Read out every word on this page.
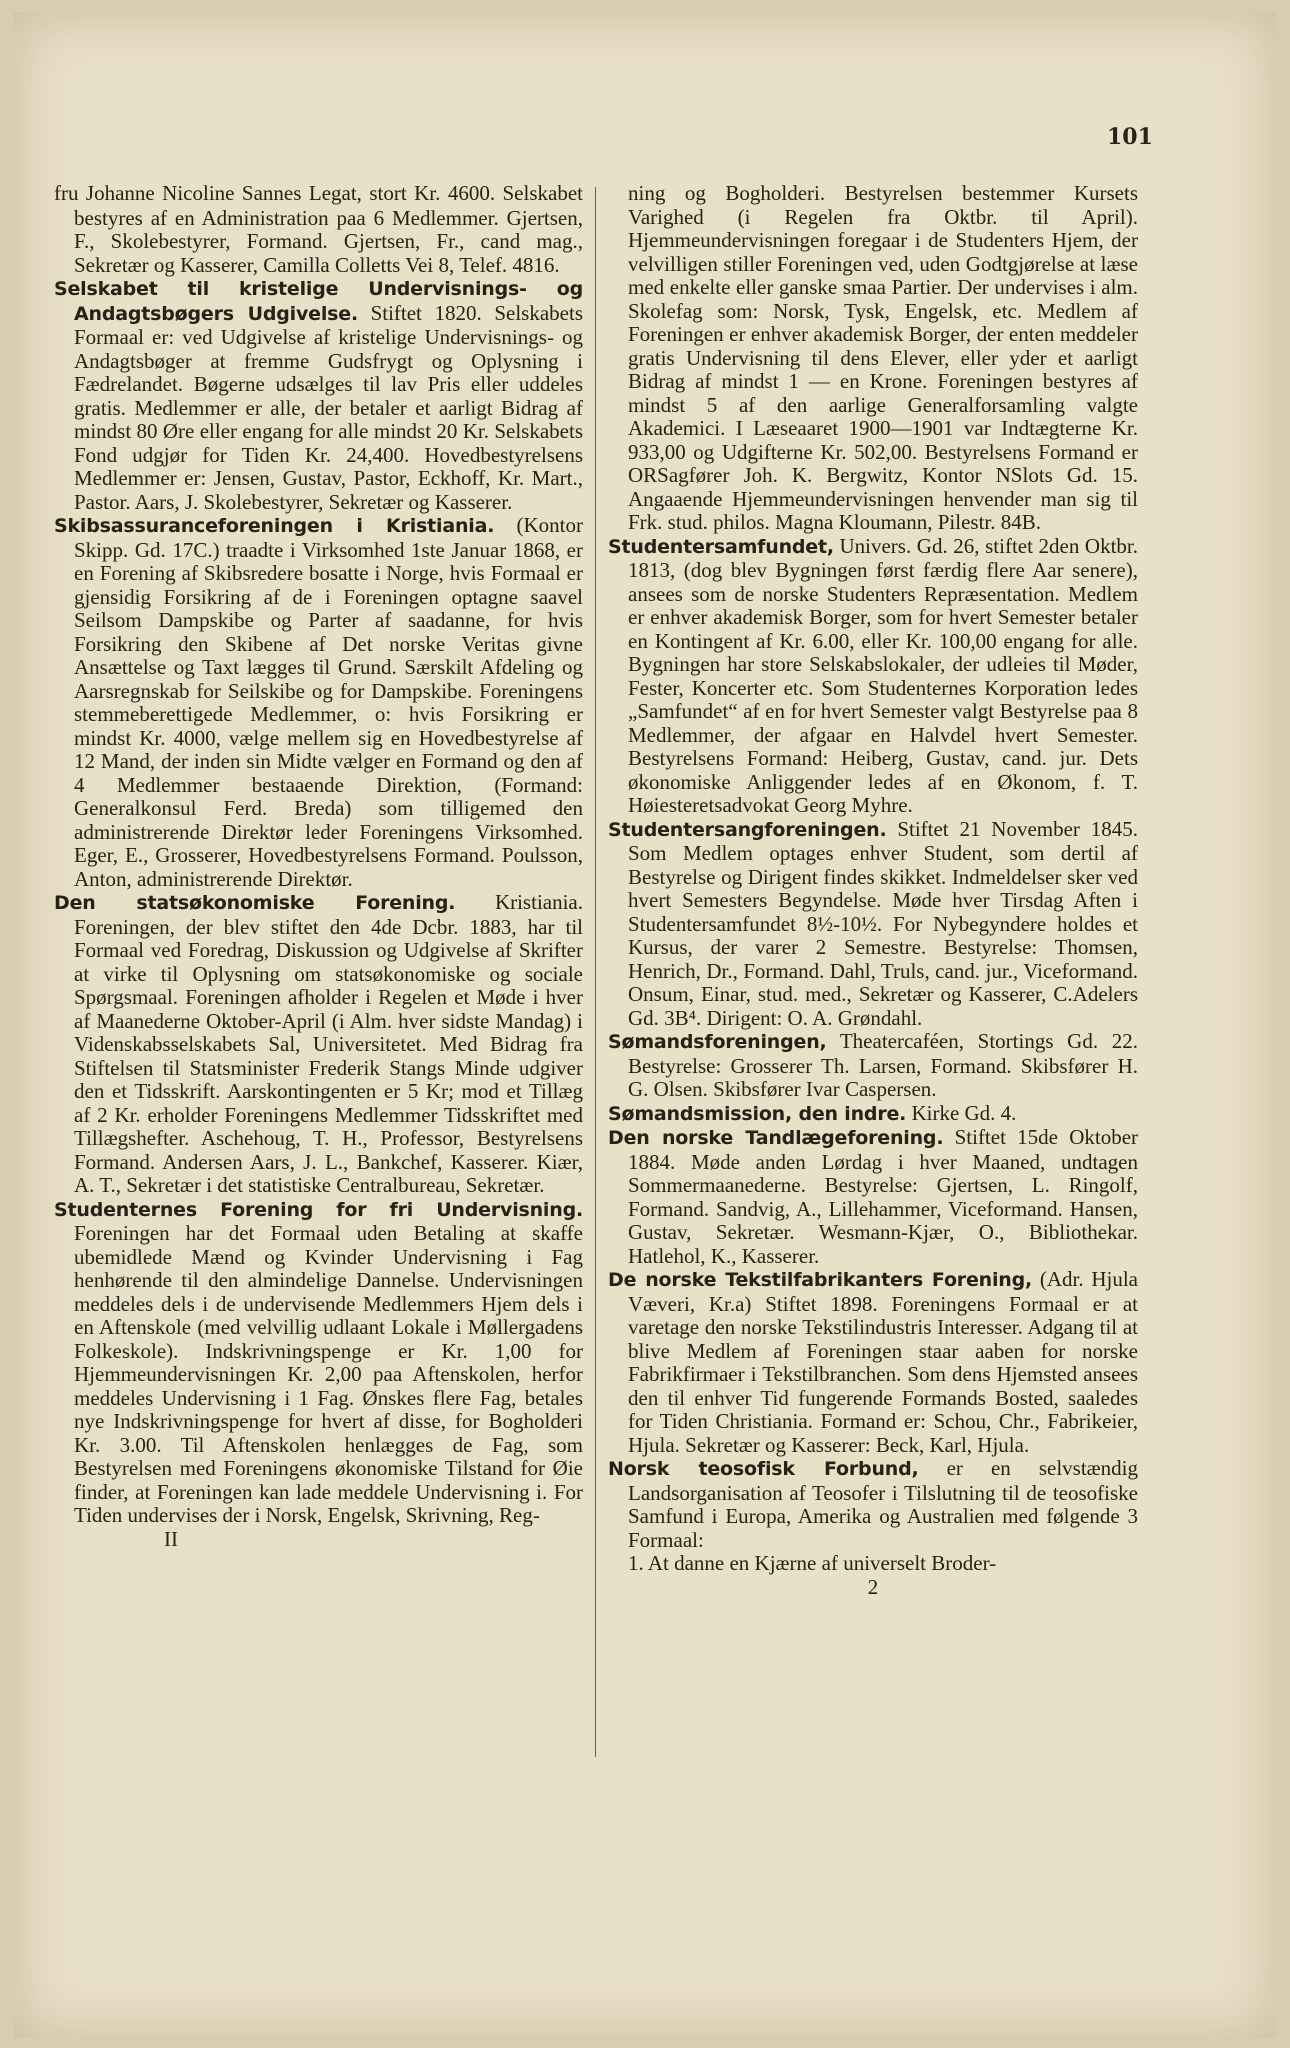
101

fru Johanne Nicoline Sannes Legat, stort Kr. 4600. Selskabet bestyres af en Administration paa 6 Medlemmer. Gjertsen, F., Skolebestyrer, Formand. Gjertsen, Fr., cand mag., Sekretær og Kasserer, Camilla Colletts Vei 8, Telef. 4816.

Selskabet til kristelige Undervisnings- og Andagtsbøgers Udgivelse. Stiftet 1820. Selskabets Formaal er: ved Udgivelse af kristelige Undervisnings- og Andagtsbøger at fremme Gudsfrygt og Oplysning i Fædrelandet. Bøgerne udsælges til lav Pris eller uddeles gratis. Medlemmer er alle, der betaler et aarligt Bidrag af mindst 80 Øre eller engang for alle mindst 20 Kr. Selskabets Fond udgjør for Tiden Kr. 24,400. Hovedbestyrelsens Medlemmer er: Jensen, Gustav, Pastor, Eckhoff, Kr. Mart., Pastor. Aars, J. Skolebestyrer, Sekretær og Kasserer.

Skibsassuranceforeningen i Kristiania. (Kontor Skipp. Gd. 17C.) traadte i Virksomhed 1ste Januar 1868, er en Forening af Skibsredere bosatte i Norge, hvis Formaal er gjensidig Forsikring af de i Foreningen optagne saavel Seilsom Dampskibe og Parter af saadanne, for hvis Forsikring den Skibene af Det norske Veritas givne Ansættelse og Taxt lægges til Grund. Særskilt Afdeling og Aarsregnskab for Seilskibe og for Dampskibe. Foreningens stemmeberettigede Medlemmer, o: hvis Forsikring er mindst Kr. 4000, vælge mellem sig en Hovedbestyrelse af 12 Mand, der inden sin Midte vælger en Formand og den af 4 Medlemmer bestaaende Direktion, (Formand: Generalkonsul Ferd. Breda) som tilligemed den administrerende Direktør leder Foreningens Virksomhed. Eger, E., Grosserer, Hovedbestyrelsens Formand. Poulsson, Anton, administrerende Direktør.

Den statsøkonomiske Forening. Kristiania. Foreningen, der blev stiftet den 4de Dcbr. 1883, har til Formaal ved Foredrag, Diskussion og Udgivelse af Skrifter at virke til Oplysning om statsøkonomiske og sociale Spørgsmaal. Foreningen afholder i Regelen et Møde i hver af Maanederne Oktober-April (i Alm. hver sidste Mandag) i Videnskabsselskabets Sal, Universitetet. Med Bidrag fra Stiftelsen til Statsminister Frederik Stangs Minde udgiver den et Tidsskrift. Aarskontingenten er 5 Kr; mod et Tillæg af 2 Kr. erholder Foreningens Medlemmer Tidsskriftet med Tillægshefter. Aschehoug, T. H., Professor, Bestyrelsens Formand. Andersen Aars, J. L., Bankchef, Kasserer. Kiær, A. T., Sekretær i det statistiske Centralbureau, Sekretær.

Studenternes Forening for fri Undervisning. Foreningen har det Formaal uden Betaling at skaffe ubemidlede Mænd og Kvinder Undervisning i Fag henhørende til den almindelige Dannelse. Undervisningen meddeles dels i de undervisende Medlemmers Hjem dels i en Aftenskole (med velvillig udlaant Lokale i Møllergadens Folkeskole). Indskrivningspenge er Kr. 1,00 for Hjemmeundervisningen Kr. 2,00 paa Aftenskolen, herfor meddeles Undervisning i 1 Fag. Ønskes flere Fag, betales nye Indskrivningspenge for hvert af disse, for Bogholderi Kr. 3.00. Til Aftenskolen henlægges de Fag, som Bestyrelsen med Foreningens økonomiske Tilstand for Øie finder, at Foreningen kan lade meddele Undervisning i. For Tiden undervises der i Norsk, Engelsk, Skrivning, Reg-

II

ning og Bogholderi. Bestyrelsen bestemmer Kursets Varighed (i Regelen fra Oktbr. til April). Hjemmeundervisningen foregaar i de Studenters Hjem, der velvilligen stiller Foreningen ved, uden Godtgjørelse at læse med enkelte eller ganske smaa Partier. Der undervises i alm. Skolefag som: Norsk, Tysk, Engelsk, etc. Medlem af Foreningen er enhver akademisk Borger, der enten meddeler gratis Undervisning til dens Elever, eller yder et aarligt Bidrag af mindst 1 — en Krone. Foreningen bestyres af mindst 5 af den aarlige Generalforsamling valgte Akademici. I Læseaaret 1900—1901 var Indtægterne Kr. 933,00 og Udgifterne Kr. 502,00. Bestyrelsens Formand er ORSagfører Joh. K. Bergwitz, Kontor NSlots Gd. 15. Angaaende Hjemmeundervisningen henvender man sig til Frk. stud. philos. Magna Kloumann, Pilestr. 84B.

Studentersamfundet, Univers. Gd. 26, stiftet 2den Oktbr. 1813, (dog blev Bygningen først færdig flere Aar senere), ansees som de norske Studenters Repræsentation. Medlem er enhver akademisk Borger, som for hvert Semester betaler en Kontingent af Kr. 6.00, eller Kr. 100,00 engang for alle. Bygningen har store Selskabslokaler, der udleies til Møder, Fester, Koncerter etc. Som Studenternes Korporation ledes „Samfundet“ af en for hvert Semester valgt Bestyrelse paa 8 Medlemmer, der afgaar en Halvdel hvert Semester. Bestyrelsens Formand: Heiberg, Gustav, cand. jur. Dets økonomiske Anliggender ledes af en Økonom, f. T. Høiesteretsadvokat Georg Myhre.

Studentersangforeningen. Stiftet 21 November 1845. Som Medlem optages enhver Student, som dertil af Bestyrelse og Dirigent findes skikket. Indmeldelser sker ved hvert Semesters Begyndelse. Møde hver Tirsdag Aften i Studentersamfundet 8½-10½. For Nybegyndere holdes et Kursus, der varer 2 Semestre. Bestyrelse: Thomsen, Henrich, Dr., Formand. Dahl, Truls, cand. jur., Viceformand. Onsum, Einar, stud. med., Sekretær og Kasserer, C.Adelers Gd. 3B⁴. Dirigent: O. A. Grøndahl.

Sømandsforeningen, Theatercaféen, Stortings Gd. 22. Bestyrelse: Grosserer Th. Larsen, Formand. Skibsfører H. G. Olsen. Skibsfører Ivar Caspersen.

Sømandsmission, den indre. Kirke Gd. 4.

Den norske Tandlægeforening. Stiftet 15de Oktober 1884. Møde anden Lørdag i hver Maaned, undtagen Sommermaanederne. Bestyrelse: Gjertsen, L. Ringolf, Formand. Sandvig, A., Lillehammer, Viceformand. Hansen, Gustav, Sekretær. Wesmann-Kjær, O., Bibliothekar. Hatlehol, K., Kasserer.

De norske Tekstilfabrikanters Forening, (Adr. Hjula Væveri, Kr.a) Stiftet 1898. Foreningens Formaal er at varetage den norske Tekstilindustris Interesser. Adgang til at blive Medlem af Foreningen staar aaben for norske Fabrikfirmaer i Tekstilbranchen. Som dens Hjemsted ansees den til enhver Tid fungerende Formands Bosted, saaledes for Tiden Christiania. Formand er: Schou, Chr., Fabrikeier, Hjula. Sekretær og Kasserer: Beck, Karl, Hjula.

Norsk teosofisk Forbund, er en selvstændig Landsorganisation af Teosofer i Tilslutning til de teosofiske Samfund i Europa, Amerika og Australien med følgende 3 Formaal:

1. At danne en Kjærne af universelt Broder-

2
